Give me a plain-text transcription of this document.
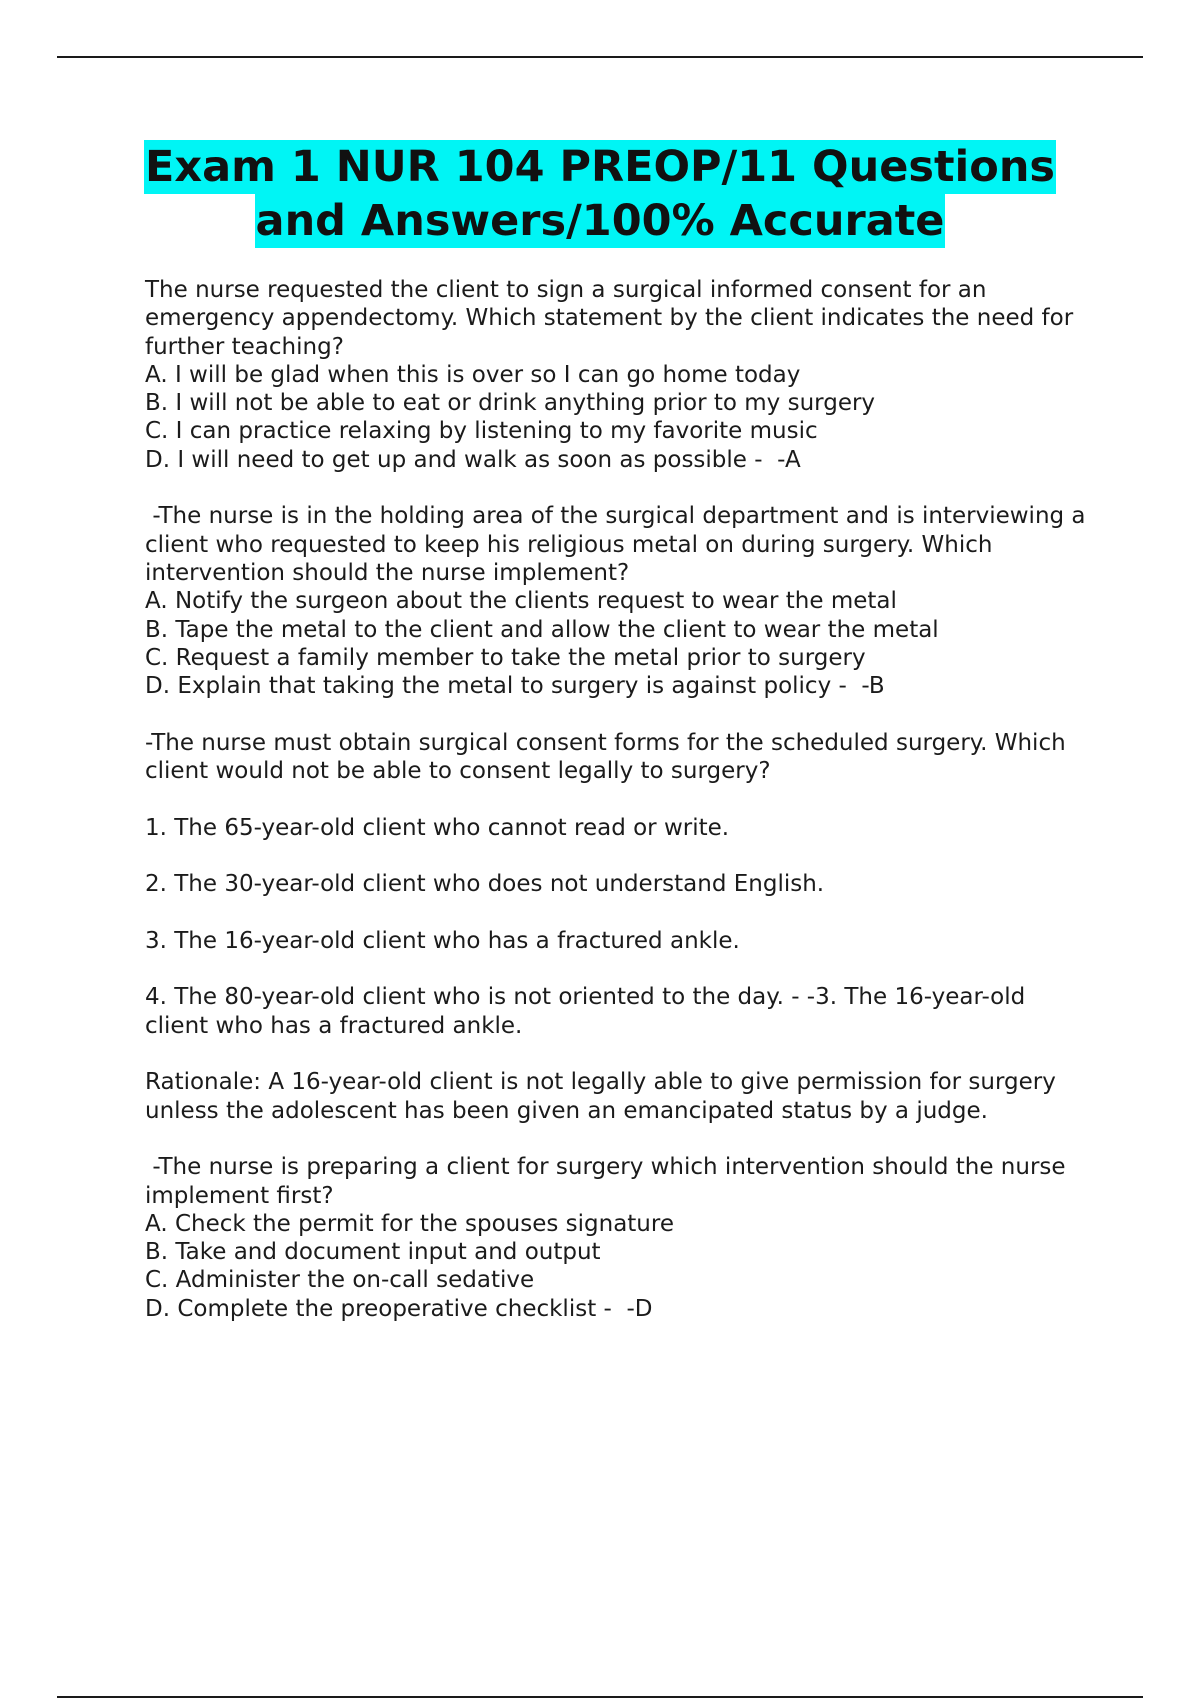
Exam 1 NUR 104 PREOP/11 Questions
and Answers/100% Accurate
The nurse requested the client to sign a surgical informed consent for an emergency appendectomy. Which statement by the client indicates the need for further teaching?
A. I will be glad when this is over so I can go home today
B. I will not be able to eat or drink anything prior to my surgery
C. I can practice relaxing by listening to my favorite music
D. I will need to get up and walk as soon as possible -  -A
-The nurse is in the holding area of the surgical department and is interviewing a client who requested to keep his religious metal on during surgery. Which intervention should the nurse implement?
A. Notify the surgeon about the clients request to wear the metal
B. Tape the metal to the client and allow the client to wear the metal
C. Request a family member to take the metal prior to surgery
D. Explain that taking the metal to surgery is against policy -  -B

-The nurse must obtain surgical consent forms for the scheduled surgery. Which client would not be able to consent legally to surgery?

1. The 65-year-old client who cannot read or write.

2. The 30-year-old client who does not understand English.

3. The 16-year-old client who has a fractured ankle.

4. The 80-year-old client who is not oriented to the day. - -3. The 16-year-old client who has a fractured ankle.

Rationale: A 16-year-old client is not legally able to give permission for surgery unless the adolescent has been given an emancipated status by a judge.

-The nurse is preparing a client for surgery which intervention should the nurse implement first?
A. Check the permit for the spouses signature
B. Take and document input and output
C. Administer the on-call sedative
D. Complete the preoperative checklist -  -D
